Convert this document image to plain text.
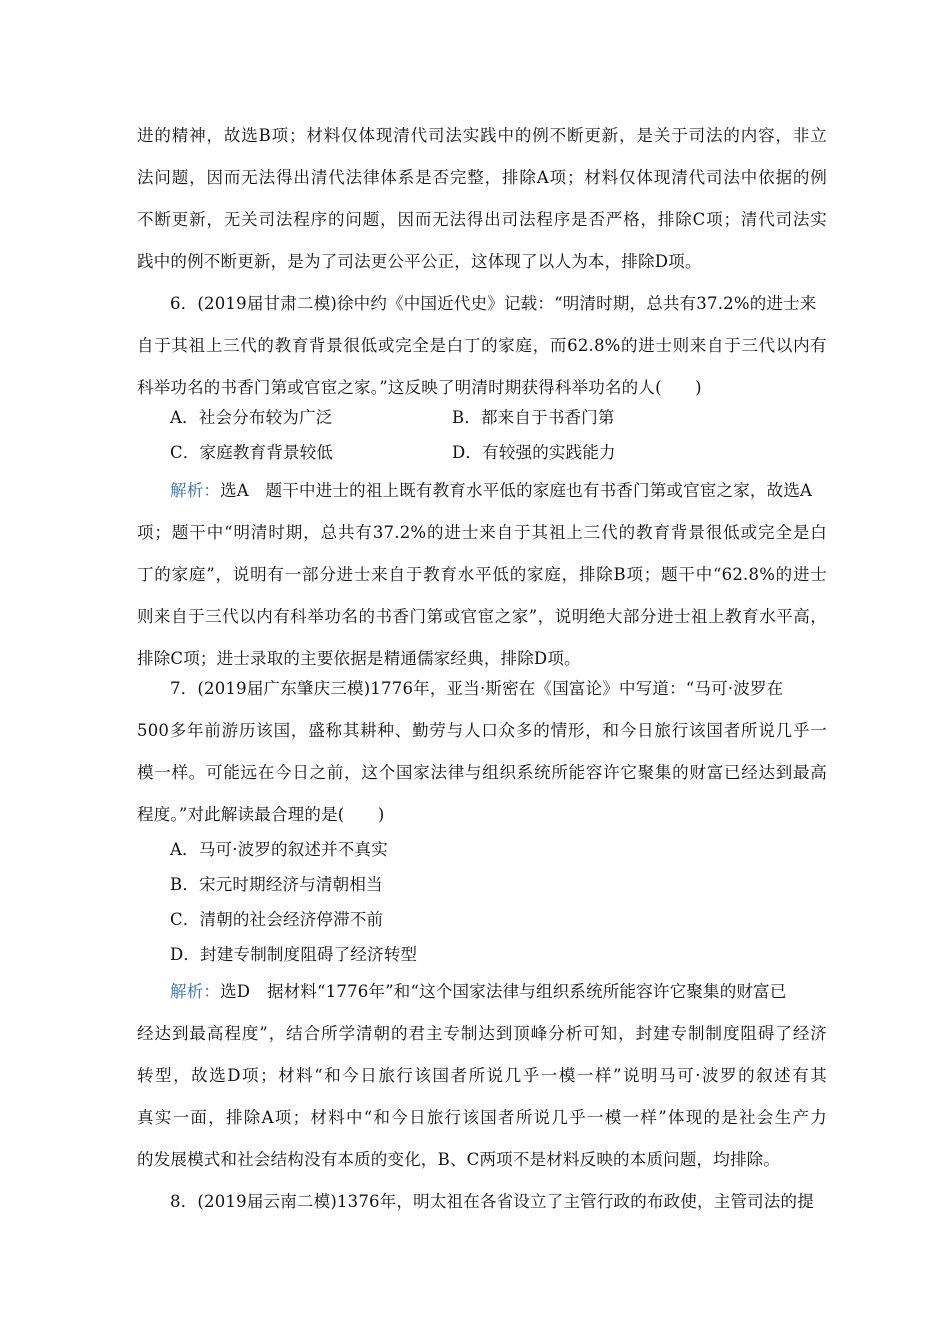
进的精神，故选B项；材料仅体现清代司法实践中的例不断更新，是关于司法的内容，非立
法问题，因而无法得出清代法律体系是否完整，排除A项；材料仅体现清代司法中依据的例
不断更新，无关司法程序的问题，因而无法得出司法程序是否严格，排除C项；清代司法实
践中的例不断更新，是为了司法更公平公正，这体现了以人为本，排除D项。
6．(2019届甘肃二模)徐中约《中国近代史》记载：“明清时期，总共有37.2%的进士来
自于其祖上三代的教育背景很低或完全是白丁的家庭，而62.8%的进士则来自于三代以内有
科举功名的书香门第或官宦之家。”这反映了明清时期获得科举功名的人(　　)
A．社会分布较为广泛	B．都来自于书香门第
C．家庭教育背景较低	D．有较强的实践能力
解析：选A　题干中进士的祖上既有教育水平低的家庭也有书香门第或官宦之家，故选A
项；题干中“明清时期，总共有37.2%的进士来自于其祖上三代的教育背景很低或完全是白
丁的家庭”，说明有一部分进士来自于教育水平低的家庭，排除B项；题干中“62.8%的进士
则来自于三代以内有科举功名的书香门第或官宦之家”，说明绝大部分进士祖上教育水平高，
排除C项；进士录取的主要依据是精通儒家经典，排除D项。
7．(2019届广东肇庆三模)1776年，亚当·斯密在《国富论》中写道：“马可·波罗在
500多年前游历该国，盛称其耕种、勤劳与人口众多的情形，和今日旅行该国者所说几乎一
模一样。可能远在今日之前，这个国家法律与组织系统所能容许它聚集的财富已经达到最高
程度。”对此解读最合理的是(　　)
A．马可·波罗的叙述并不真实
B．宋元时期经济与清朝相当
C．清朝的社会经济停滞不前
D．封建专制制度阻碍了经济转型
解析：选D　据材料“1776年”和“这个国家法律与组织系统所能容许它聚集的财富已
经达到最高程度”，结合所学清朝的君主专制达到顶峰分析可知，封建专制制度阻碍了经济
转型，故选D项；材料“和今日旅行该国者所说几乎一模一样”说明马可·波罗的叙述有其
真实一面，排除A项；材料中“和今日旅行该国者所说几乎一模一样”体现的是社会生产力
的发展模式和社会结构没有本质的变化，B、C两项不是材料反映的本质问题，均排除。
8．(2019届云南二模)1376年，明太祖在各省设立了主管行政的布政使，主管司法的提
